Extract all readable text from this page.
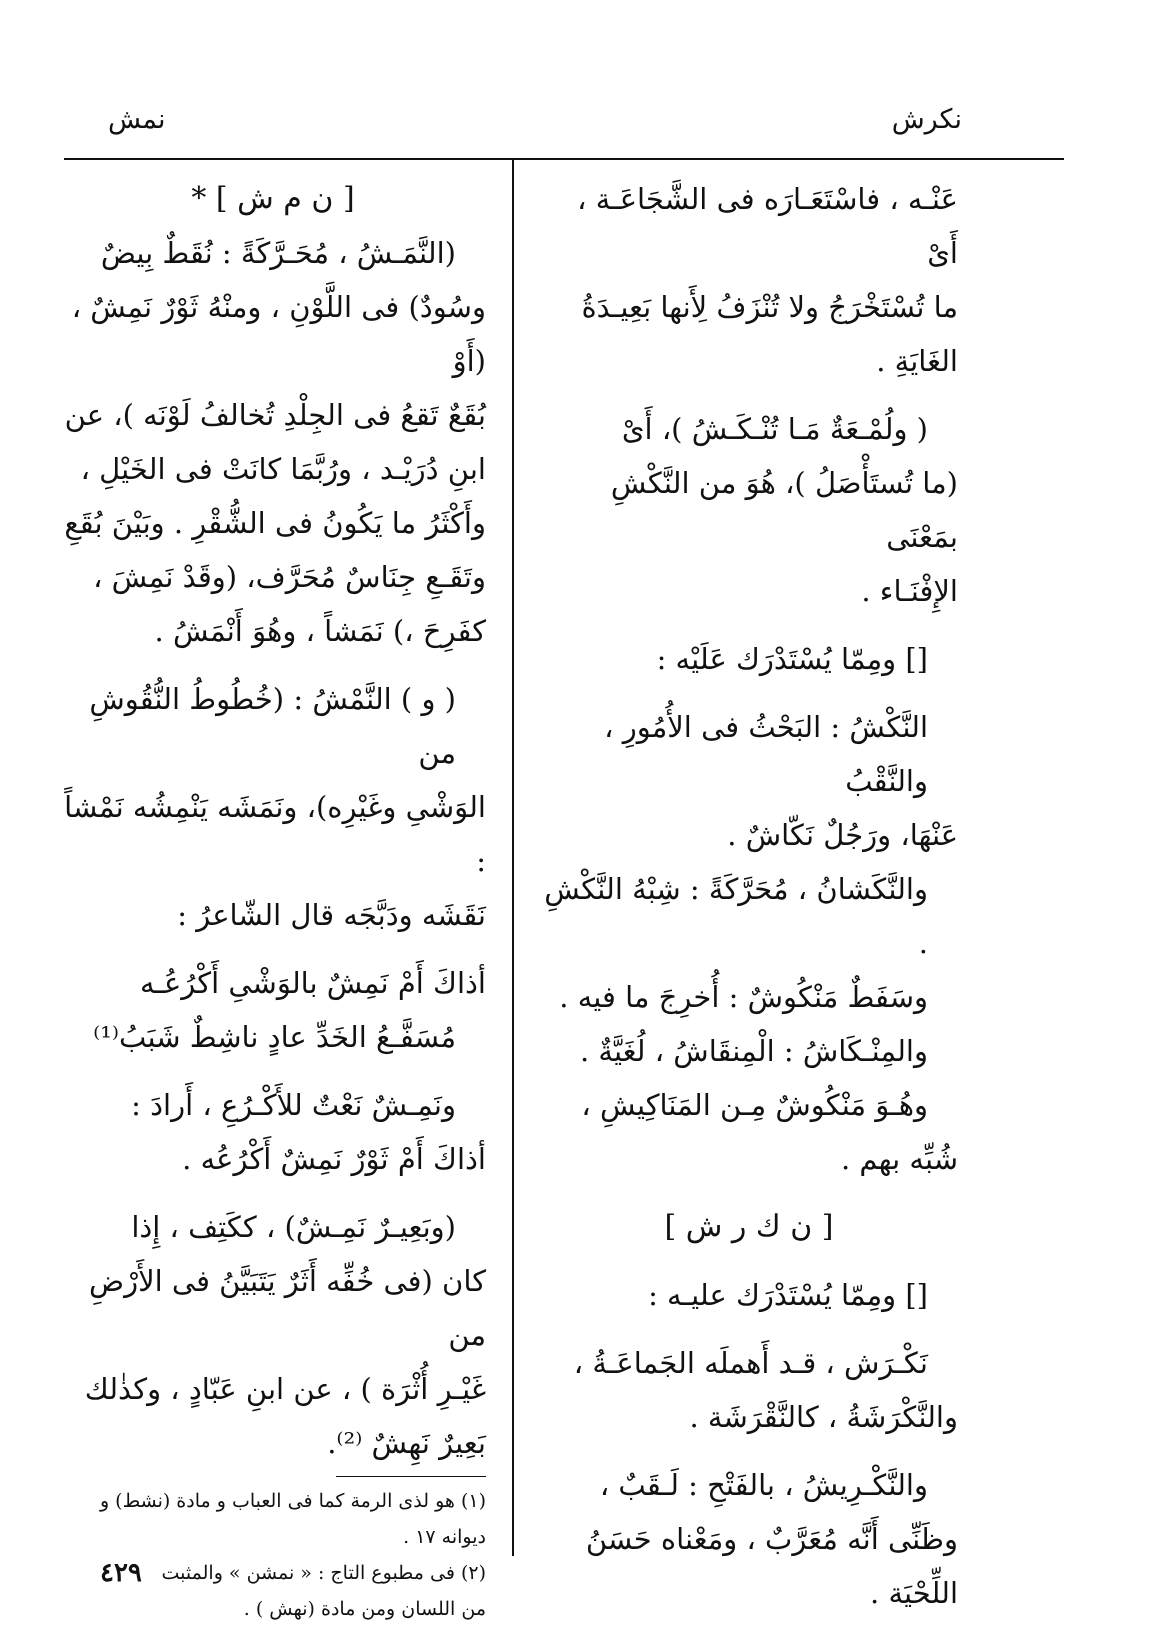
نكرش
نمش

عَنْـه ، فاسْتَعَـارَه فى الشَّجَاعَـة ، أَىْ

ما تُسْتَخْرَجُ ولا تُنْزَفُ لِأَنها بَعِيـدَةُ

الغَايَةِ .

( ولُمْـعَةٌ مَـا تُنْـكَـشُ )، أَىْ

(ما تُستَأْصَلُ )، هُوَ من النَّكْشِ بمَعْنَى

الإِفْنَـاء .

[] ومِمّا يُسْتَدْرَك عَلَيْه :

النَّكْشُ : البَحْثُ فى الأُمُورِ ، والنَّقْبُ

عَنْهَا، ورَجُلٌ نَكّاشٌ .

والنَّكَشانُ ، مُحَرَّكَةً : شِبْهُ النَّكْشِ .

وسَفَطٌ مَنْكُوشٌ : أُخرِجَ ما فيه .

والمِنْـكَاشُ : الْمِنقَاشُ ، لُغَيَّةٌ .

وهُـوَ مَنْكُوشٌ مِـن المَنَاكِيشِ ،

شُبِّه بهم .

[ ن ك ر ش ]

[] ومِمّا يُسْتَدْرَك عليـه :

نَكْـرَش ، قـد أَهملَه الجَماعَـةُ ،

والنَّكْرَشَةُ ، كالنَّقْرَشَة .

والنَّكْـرِيشُ ، بالفَتْحِ : لَـقَبٌ ،

وظَنِّى أَنَّه مُعَرَّبٌ ، ومَعْناه حَسَنُ اللِّحْيَة .

[ ن م ش ] *

(النَّمَـشُ ، مُحَـرَّكَةً : نُقَطٌ بِيضٌ

وسُودٌ) فى اللَّوْنِ ، ومنْهُ ثَوْرٌ نَمِشٌ ، (أَوْ

بُقَعٌ تَقعُ فى الجِلْدِ تُخالفُ لَوْنَه )، عن

ابنِ دُرَيْـد ، ورُبَّمَا كانَتْ فى الخَيْلِ ،

وأَكْثَرُ ما يَكُونُ فى الشُّقْرِ . وبَيْنَ بُقَعِ

وتَقَـعِ جِنَاسٌ مُحَرَّف، (وقَدْ نَمِشَ ،

كفَرِحَ ،) نَمَشاً ، وهُوَ أَنْمَشُ .

( و ) النَّمْشُ : (خُطُوطُ النُّقُوشِ من

الوَشْىِ وغَيْرِه)، ونَمَشَه يَنْمِشُه نَمْشاً :

نَقَشَه ودَبَّجَه قال الشّاعرُ :

أذاكَ أَمْ نَمِشٌ بالوَشْىِ أَكْرُعُـه

مُسَفَّـعُ الخَدِّ عادٍ ناشِطٌ شَبَبُ⁽¹⁾

ونَمِـشٌ نَعْتٌ للأَكْـرُعِ ، أَرادَ :

أذاكَ أَمْ ثَوْرٌ نَمِشٌ أَكْرُعُه .

(وبَعِيـرٌ نَمِـشٌ) ، ككَتِف ، إِذا

كان (فى خُفِّه أَثَرٌ يَتَبَيَّنُ فى الأَرْضِ من

غَيْـرِ أُثْرَة ) ، عن ابنِ عَبّادٍ ، وكذٰلك

بَعِيرٌ نَهِشٌ ⁽²⁾.

(١) هو لذى الرمة كما فى العباب و مادة (نشط) و ديوانه ١٧ .

(٢) فى مطبوع التاج : « نمشن » والمثبت

من اللسان ومن مادة (نهش ) .

٤٢٩
